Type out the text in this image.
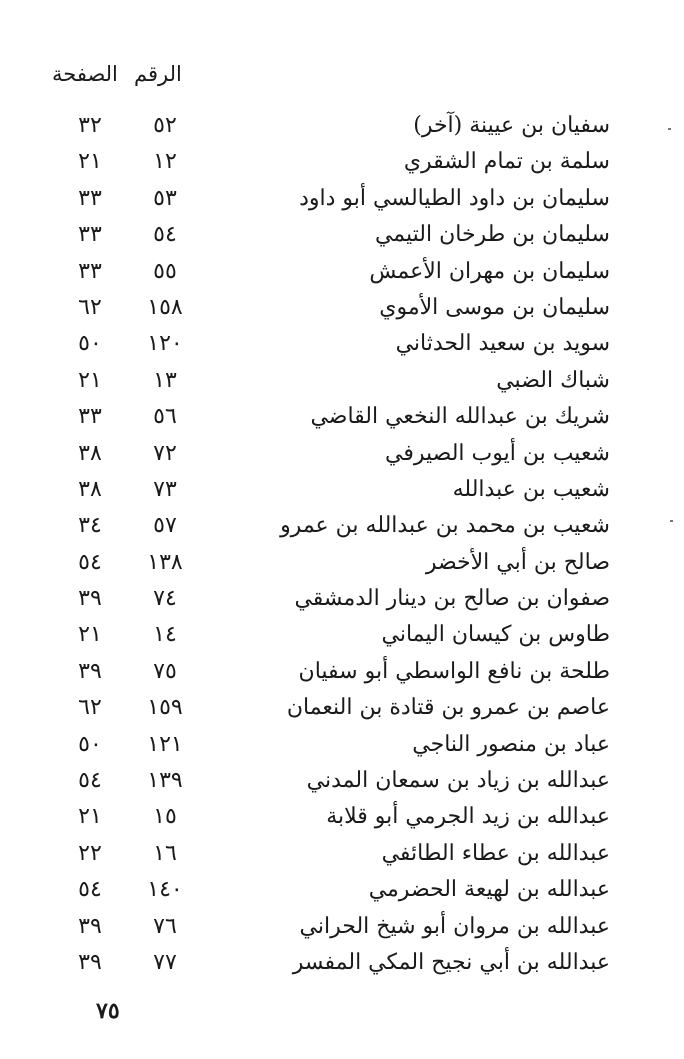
الصفحة الرقم
سفيان بن عيينة (آخر)
٥٢
٣٢
سلمة بن تمام الشقري
١٢
٢١
سليمان بن داود الطيالسي أبو داود
٥٣
٣٣
سليمان بن طرخان التيمي
٥٤
٣٣
سليمان بن مهران الأعمش
٥٥
٣٣
سليمان بن موسى الأموي
١٥٨
٦٢
سويد بن سعيد الحدثاني
١٢٠
٥٠
شباك الضبي
١٣
٢١
شريك بن عبدالله النخعي القاضي
٥٦
٣٣
شعيب بن أيوب الصيرفي
٧٢
٣٨
شعيب بن عبدالله
٧٣
٣٨
شعيب بن محمد بن عبدالله بن عمرو
٥٧
٣٤
صالح بن أبي الأخضر
١٣٨
٥٤
صفوان بن صالح بن دينار الدمشقي
٧٤
٣٩
طاوس بن كيسان اليماني
١٤
٢١
طلحة بن نافع الواسطي أبو سفيان
٧٥
٣٩
عاصم بن عمرو بن قتادة بن النعمان
١٥٩
٦٢
عباد بن منصور الناجي
١٢١
٥٠
عبدالله بن زياد بن سمعان المدني
١٣٩
٥٤
عبدالله بن زيد الجرمي أبو قلابة
١٥
٢١
عبدالله بن عطاء الطائفي
١٦
٢٢
عبدالله بن لهيعة الحضرمي
١٤٠
٥٤
عبدالله بن مروان أبو شيخ الحراني
٧٦
٣٩
عبدالله بن أبي نجيح المكي المفسر
٧٧
٣٩
٧٥
